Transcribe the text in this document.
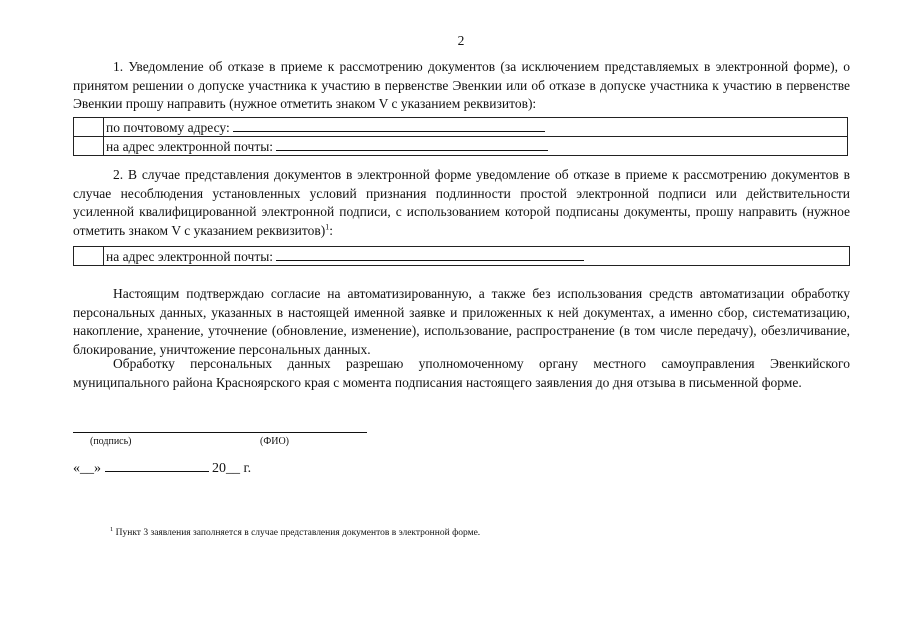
2

1. Уведомление об отказе в приеме к рассмотрению документов (за исключением представляемых в электронной форме), о принятом решении о допуске участника к участию в первенстве Эвенкии или об отказе в допуске участника к участию в первенстве Эвенкии прошу направить (нужное отметить знаком V с указанием реквизитов):

	по почтовому адресу:
	на адрес электронной почты:

2. В случае представления документов в электронной форме уведомление об отказе в приеме к рассмотрению документов в случае несоблюдения установленных условий признания подлинности простой электронной подписи или действительности усиленной квалифицированной электронной подписи, с использованием которой подписаны документы, прошу направить (нужное отметить знаком V с указанием реквизитов)$^1$:

	на адрес электронной почты:

Настоящим подтверждаю согласие на автоматизированную, а также без использования средств автоматизации обработку персональных данных, указанных в настоящей именной заявке и приложенных к ней документах, а именно сбор, систематизацию, накопление, хранение, уточнение (обновление, изменение), использование, распространение (в том числе передачу), обезличивание, блокирование, уничтожение персональных данных.

Обработку персональных данных разрешаю уполномоченному органу местного самоуправления Эвенкийского муниципального района Красноярского края с момента подписания настоящего заявления до дня отзыва в письменной форме.

(подпись)	(ФИО)
«__»	20__ г.
$^1$ Пункт 3 заявления заполняется в случае представления документов в электронной форме.
